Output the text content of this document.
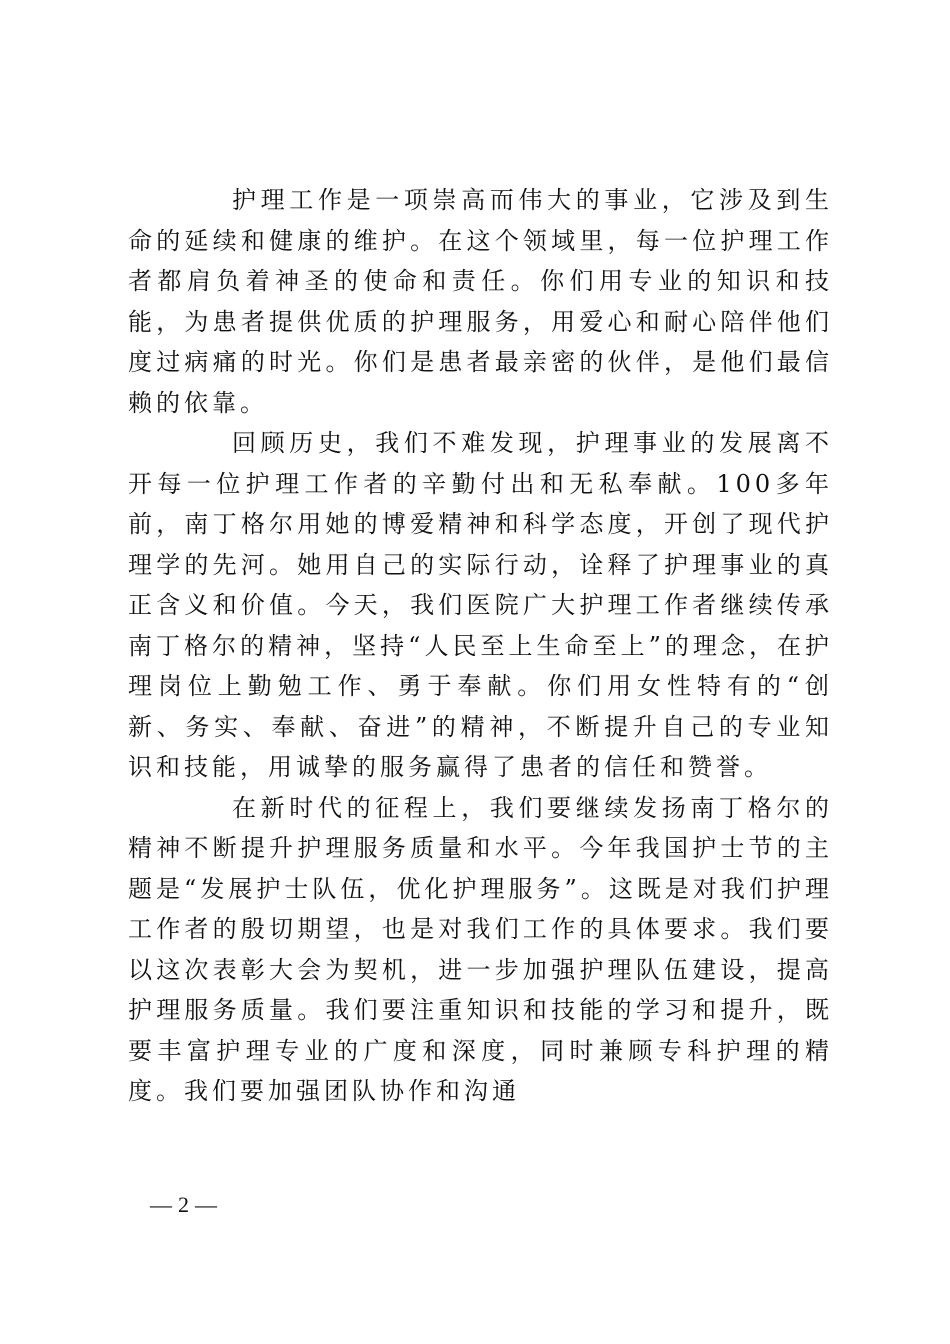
护理工作是一项崇高而伟大的事业，它涉及到生命的延续和健康的维护。在这个领域里，每一位护理工作者都肩负着神圣的使命和责任。你们用专业的知识和技能，为患者提供优质的护理服务，用爱心和耐心陪伴他们度过病痛的时光。你们是患者最亲密的伙伴，是他们最信赖的依靠。

回顾历史，我们不难发现，护理事业的发展离不开每一位护理工作者的辛勤付出和无私奉献。100多年前，南丁格尔用她的博爱精神和科学态度，开创了现代护理学的先河。她用自己的实际行动，诠释了护理事业的真正含义和价值。今天，我们医院广大护理工作者继续传承南丁格尔的精神，坚持“人民至上生命至上”的理念，在护理岗位上勤勉工作、勇于奉献。你们用女性特有的“创新、务实、奉献、奋进”的精神，不断提升自己的专业知识和技能，用诚挚的服务赢得了患者的信任和赞誉。

在新时代的征程上，我们要继续发扬南丁格尔的精神不断提升护理服务质量和水平。今年我国护士节的主题是“发展护士队伍，优化护理服务”。这既是对我们护理工作者的殷切期望，也是对我们工作的具体要求。我们要以这次表彰大会为契机，进一步加强护理队伍建设，提高护理服务质量。我们要注重知识和技能的学习和提升，既要丰富护理专业的广度和深度，同时兼顾专科护理的精度。我们要加强团队协作和沟通

— 2 —
